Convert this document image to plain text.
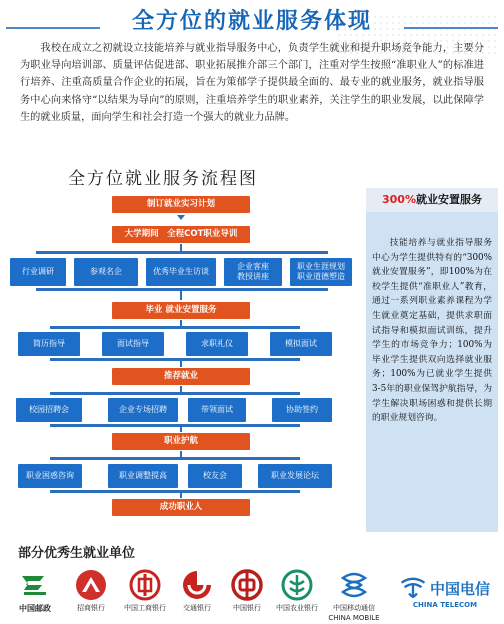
全方位的就业服务体现
我校在成立之初就设立技能培养与就业指导服务中心，负责学生就业和提升职场竞争能力，主要分为职业导向培训部、质量评估促进部、职业拓展推介部三个部门，注重对学生按照“准职业人”的标准进行培养、注重高质量合作企业的拓展，旨在为策郁学子提供最全面的、最专业的就业服务，就业指导服务中心向来恪守“以结果为导向”的原则，注重培养学生的职业素养，关注学生的职业发展，以此保障学生的就业质量，面向学生和社会打造一个强大的就业力品牌。
全方位就业服务流程图
制订就业实习计划
大学期间　全程COT职业导训
行业调研	参观名企	优秀毕业生访谈
企业客座
教授讲座
职业生涯规划
职业道德塑造
毕业 就业安置服务
简历指导	面试指导	求职礼仪	模拟面试
推荐就业
校园招聘会	企业专场招聘	带领面试	协助签约
职业护航
职业困惑咨询	职业调整提高	校友会	职业发展论坛
成功职业人
300%就业安置服务
技能培养与就业指导服务中心为学生提供特有的“300%就业安置服务”，即100%为在校学生提供“准职业人”教育，通过一系列职业素养课程为学生就业奠定基础，提供求职面试指导和模拟面试训练，提升学生的市场竞争力；100%为毕业学生提供双向选择就业服务；100%为已就业学生提供3-5年的职业保驾护航指导，为学生解决职场困惑和提供长期的职业规划咨询。
部分优秀生就业单位
中国邮政	招商银行	中国工商银行	交通银行	中国银行	中国农业银行	中国移动通信
CHINA MOBILE
中国电信
CHINA TELECOM
